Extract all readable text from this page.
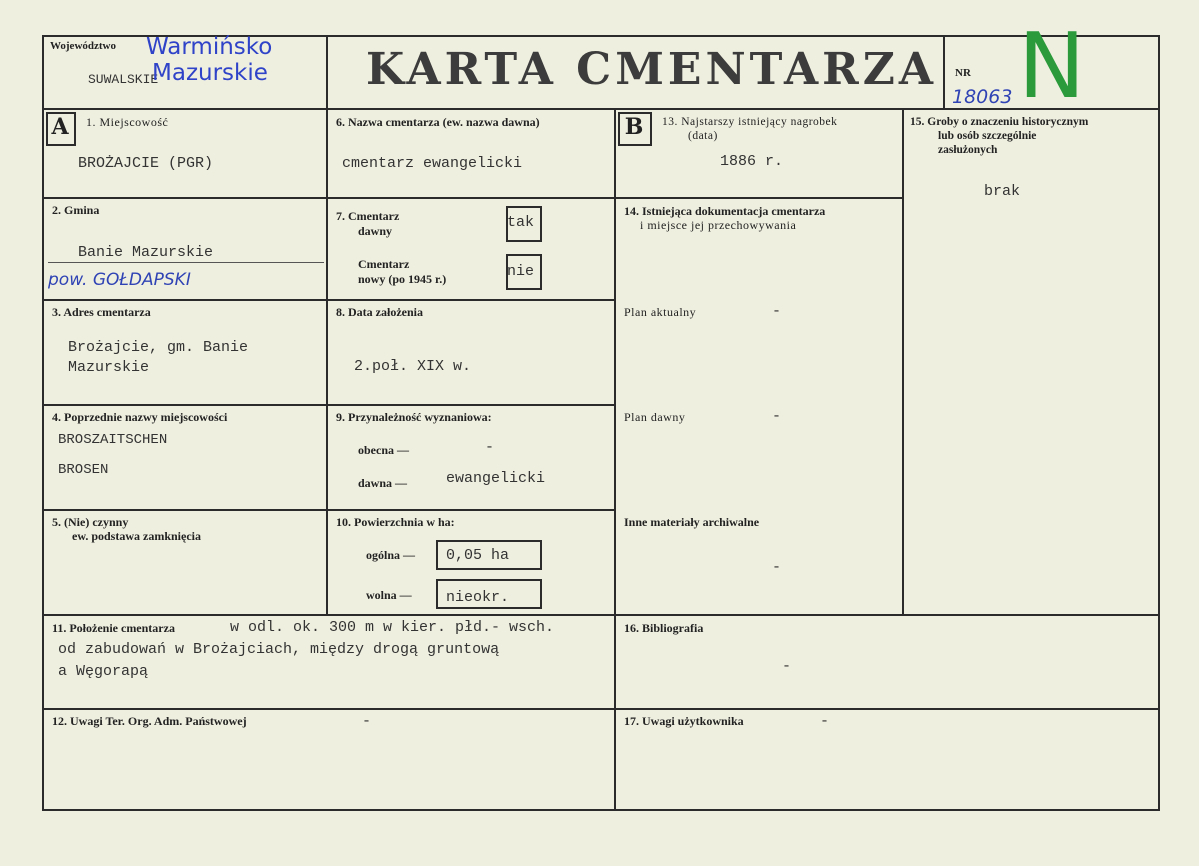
Województwo
SUWALSKIE
Warmińsko
Mazurskie KARTA CMENTARZA NR
18063 N
A	B
1. Miejscowość
BROŻAJCIE (PGR)
2. Gmina
Banie Mazurskie
pow. GOŁDAPSKI
3. Adres cmentarza
Brożajcie, gm. Banie
Mazurskie
4. Poprzednie nazwy miejscowości
BROSZAITSCHEN
BROSEN
5. (Nie) czynny
ew. podstawa zamknięcia
6. Nazwa cmentarza (ew. nazwa dawna)
cmentarz ewangelicki
7. Cmentarz
dawny	tak
Cmentarz
nowy (po 1945 r.)	nie
8. Data założenia
2.poł. XIX w.
9. Przynależność wyznaniowa:
obecna —	-
dawna —	ewangelicki
10. Powierzchnia w ha:
ogólna — 0,05 ha
wolna — nieokr.
11. Położenie cmentarza	w odl. ok. 300 m w kier. płd.- wsch.
od zabudowań w Brożajciach, między drogą gruntową
a Węgorapą
12. Uwagi Ter. Org. Adm. Państwowej	-
13. Najstarszy istniejący nagrobek
(data)
1886 r.
14. Istniejąca dokumentacja cmentarza
i miejsce jej przechowywania
Plan aktualny	-
Plan dawny	-
Inne materiały archiwalne
-
15. Groby o znaczeniu historycznym
lub osób szczególnie
zasłużonych
brak
16. Bibliografia
-
17. Uwagi użytkownika	-
